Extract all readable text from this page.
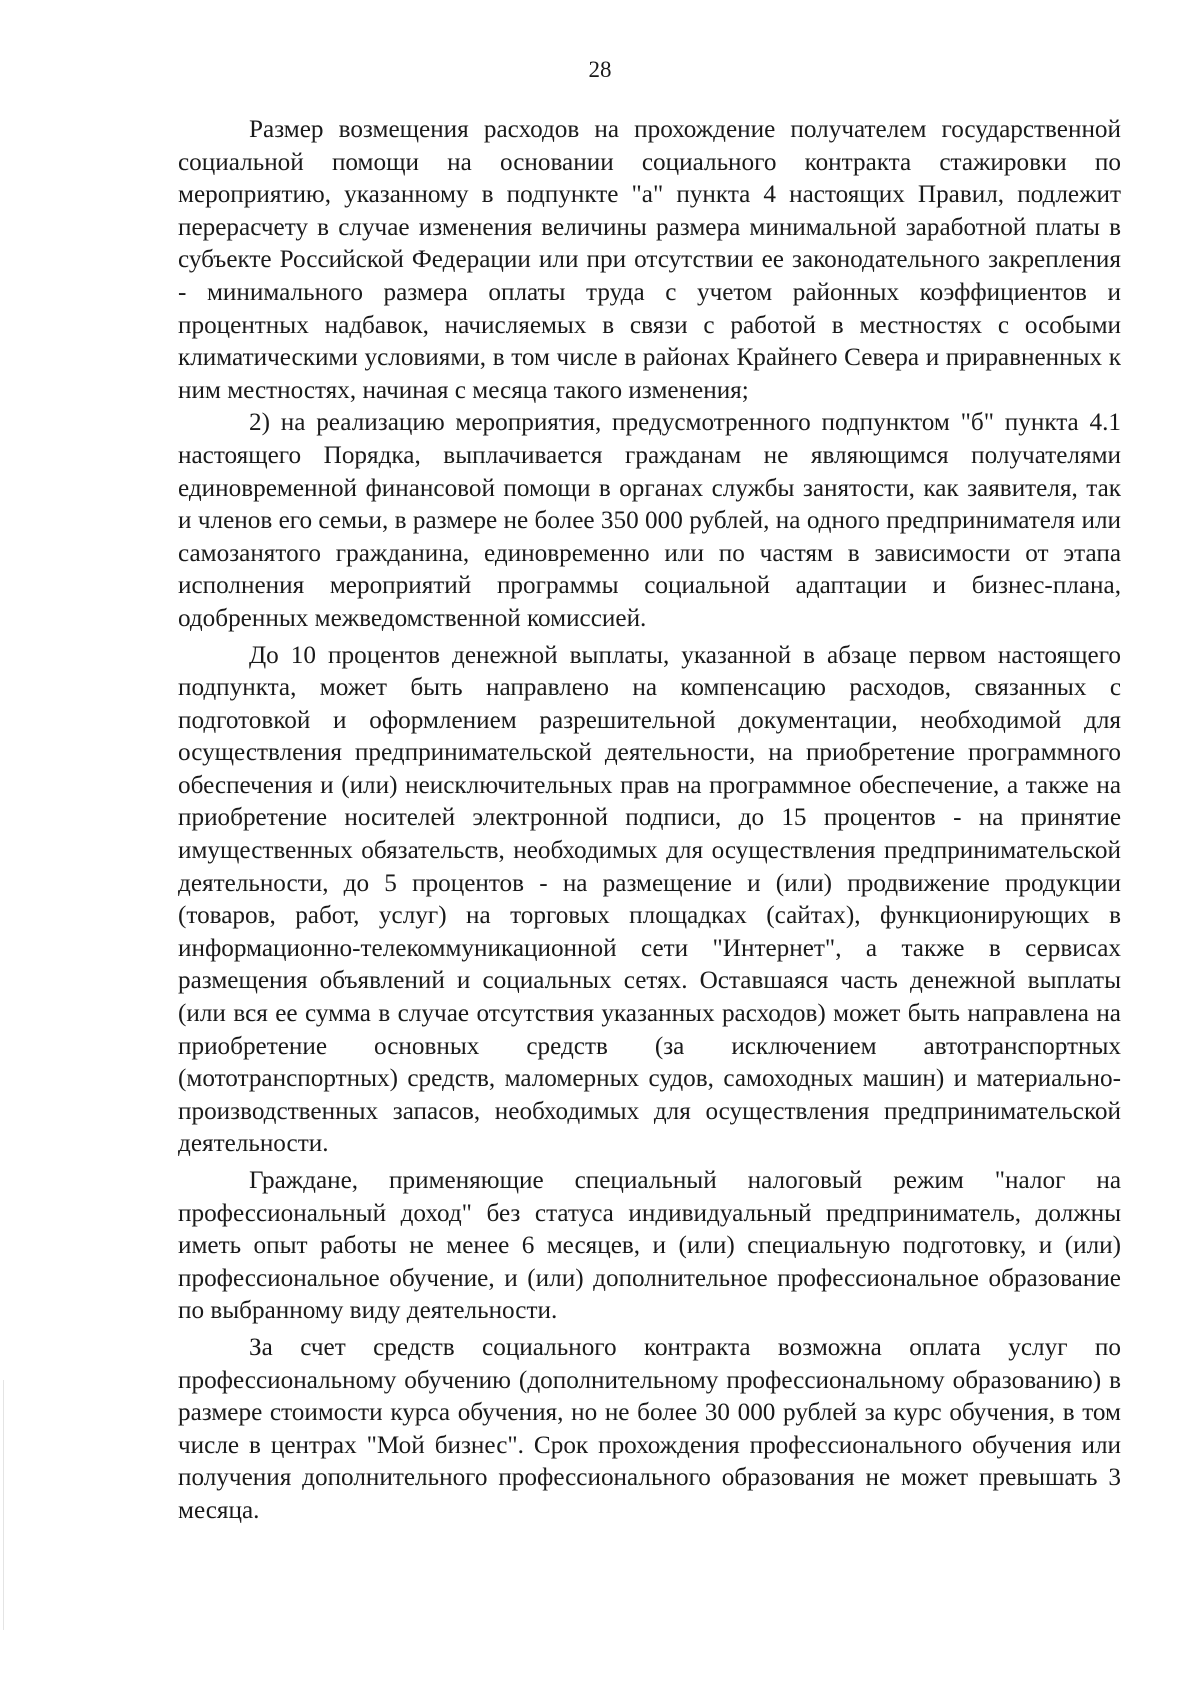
28

Размер возмещения расходов на прохождение получателем государственной социальной помощи на основании социального контракта стажировки по мероприятию, указанному в подпункте "а" пункта 4 настоящих Правил, подлежит перерасчету в случае изменения величины размера минимальной заработной платы в субъекте Российской Федерации или при отсутствии ее законодательного закрепления - минимального размера оплаты труда с учетом районных коэффициентов и процентных надбавок, начисляемых в связи с работой в местностях с особыми климатическими условиями, в том числе в районах Крайнего Севера и приравненных к ним местностях, начиная с месяца такого изменения;

2) на реализацию мероприятия, предусмотренного подпунктом "б" пункта 4.1 настоящего Порядка, выплачивается гражданам не являющимся получателями единовременной финансовой помощи в органах службы занятости, как заявителя, так и членов его семьи, в размере не более 350 000 рублей, на одного предпринимателя или самозанятого гражданина, единовременно или по частям в зависимости от этапа исполнения мероприятий программы социальной адаптации и бизнес-плана, одобренных межведомственной комиссией.

До 10 процентов денежной выплаты, указанной в абзаце первом настоящего подпункта, может быть направлено на компенсацию расходов, связанных с подготовкой и оформлением разрешительной документации, необходимой для осуществления предпринимательской деятельности, на приобретение программного обеспечения и (или) неисключительных прав на программное обеспечение, а также на приобретение носителей электронной подписи, до 15 процентов - на принятие имущественных обязательств, необходимых для осуществления предпринимательской деятельности, до 5 процентов - на размещение и (или) продвижение продукции (товаров, работ, услуг) на торговых площадках (сайтах), функционирующих в информационно-телекоммуникационной сети "Интернет", а также в сервисах размещения объявлений и социальных сетях. Оставшаяся часть денежной выплаты (или вся ее сумма в случае отсутствия указанных расходов) может быть направлена на приобретение основных средств (за исключением автотранспортных (мототранспортных) средств, маломерных судов, самоходных машин) и материально-производственных запасов, необходимых для осуществления предпринимательской деятельности.

Граждане, применяющие специальный налоговый режим "налог на профессиональный доход" без статуса индивидуальный предприниматель, должны иметь опыт работы не менее 6 месяцев, и (или) специальную подготовку, и (или) профессиональное обучение, и (или) дополнительное профессиональное образование по выбранному виду деятельности.

За счет средств социального контракта возможна оплата услуг по профессиональному обучению (дополнительному профессиональному образованию) в размере стоимости курса обучения, но не более 30 000 рублей за курс обучения, в том числе в центрах "Мой бизнес". Срок прохождения профессионального обучения или получения дополнительного профессионального образования не может превышать 3 месяца.
